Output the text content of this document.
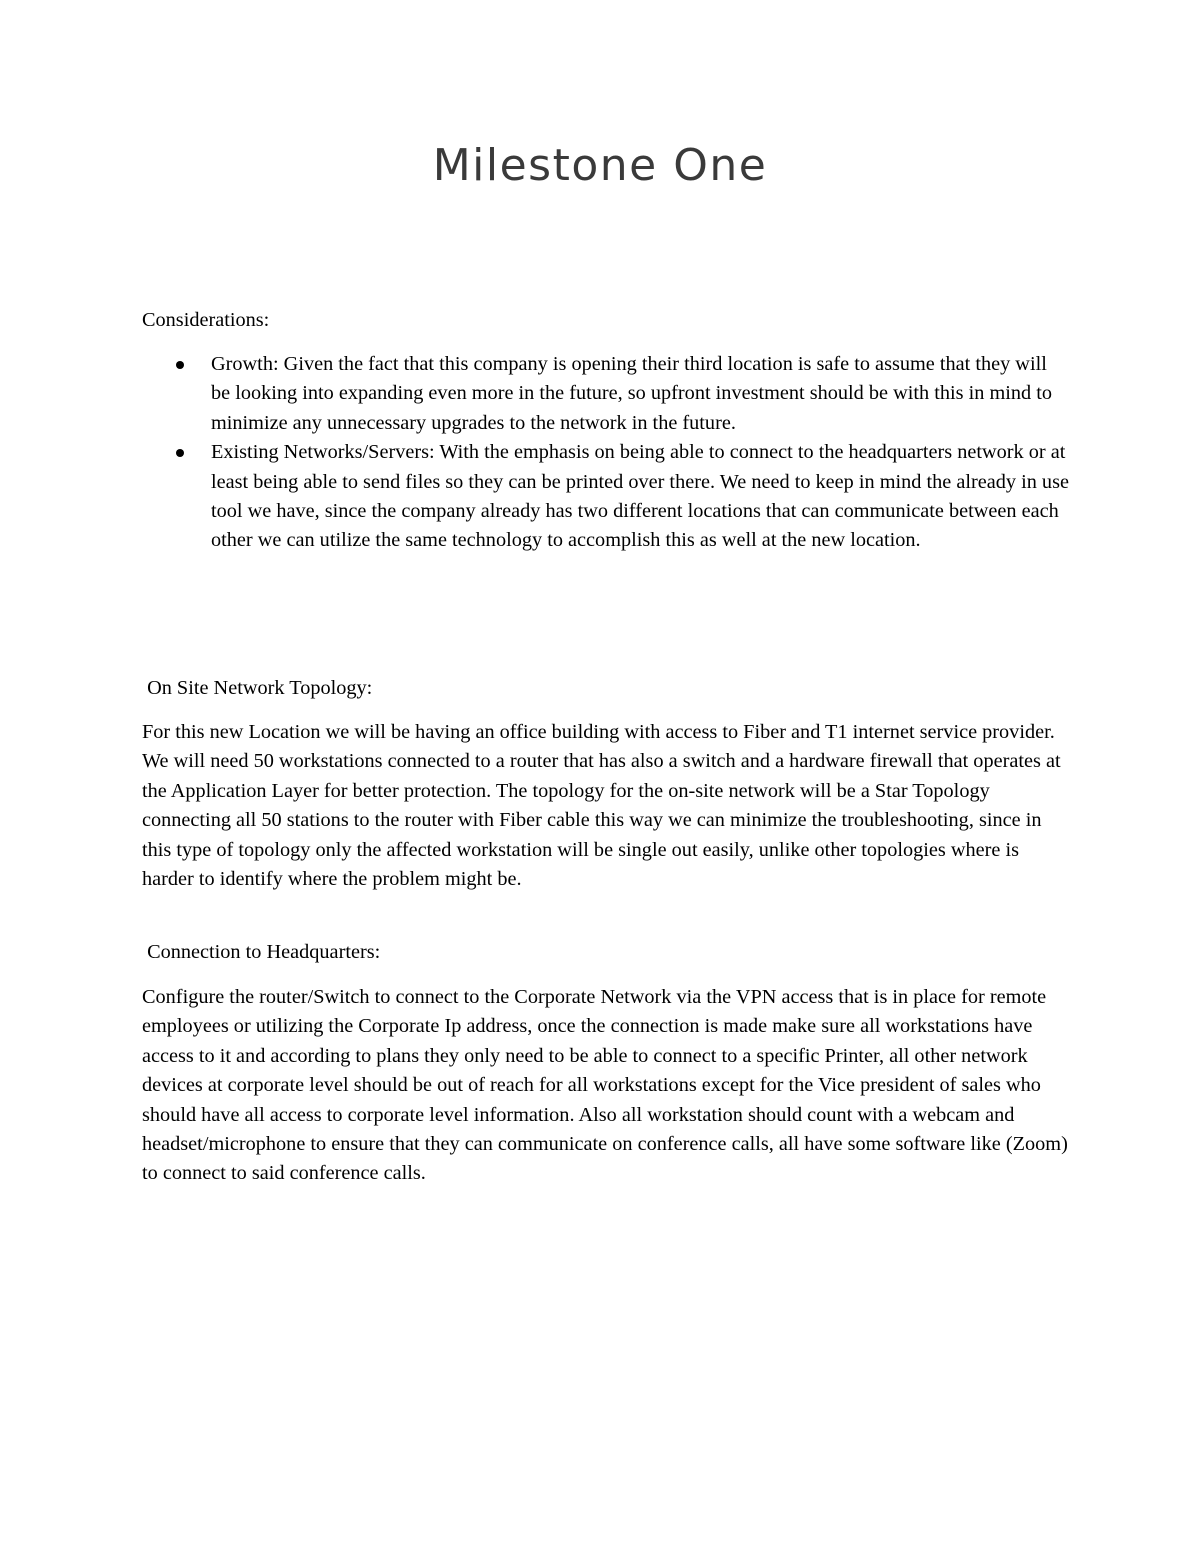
Milestone One

Considerations:

Growth: Given the fact that this company is opening their third location is safe to assume that they will be looking into expanding even more in the future, so upfront investment should be with this in mind to minimize any unnecessary upgrades to the network in the future.
Existing Networks/Servers: With the emphasis on being able to connect to the headquarters network or at least being able to send files so they can be printed over there. We need to keep in mind the already in use tool we have, since the company already has two different locations that can communicate between each other we can utilize the same technology to accomplish this as well at the new location.

On Site Network Topology:

For this new Location we will be having an office building with access to Fiber and T1 internet service provider. We will need 50 workstations connected to a router that has also a switch and a hardware firewall that operates at the Application Layer for better protection. The topology for the on-site network will be a Star Topology connecting all 50 stations to the router with Fiber cable this way we can minimize the troubleshooting, since in this type of topology only the affected workstation will be single out easily, unlike other topologies where is harder to identify where the problem might be.

Connection to Headquarters:

Configure the router/Switch to connect to the Corporate Network via the VPN access that is in place for remote employees or utilizing the Corporate Ip address, once the connection is made make sure all workstations have access to it and according to plans they only need to be able to connect to a specific Printer, all other network devices at corporate level should be out of reach for all workstations except for the Vice president of sales who should have all access to corporate level information. Also all workstation should count with a webcam and headset/microphone to ensure that they can communicate on conference calls, all have some software like (Zoom) to connect to said conference calls.
